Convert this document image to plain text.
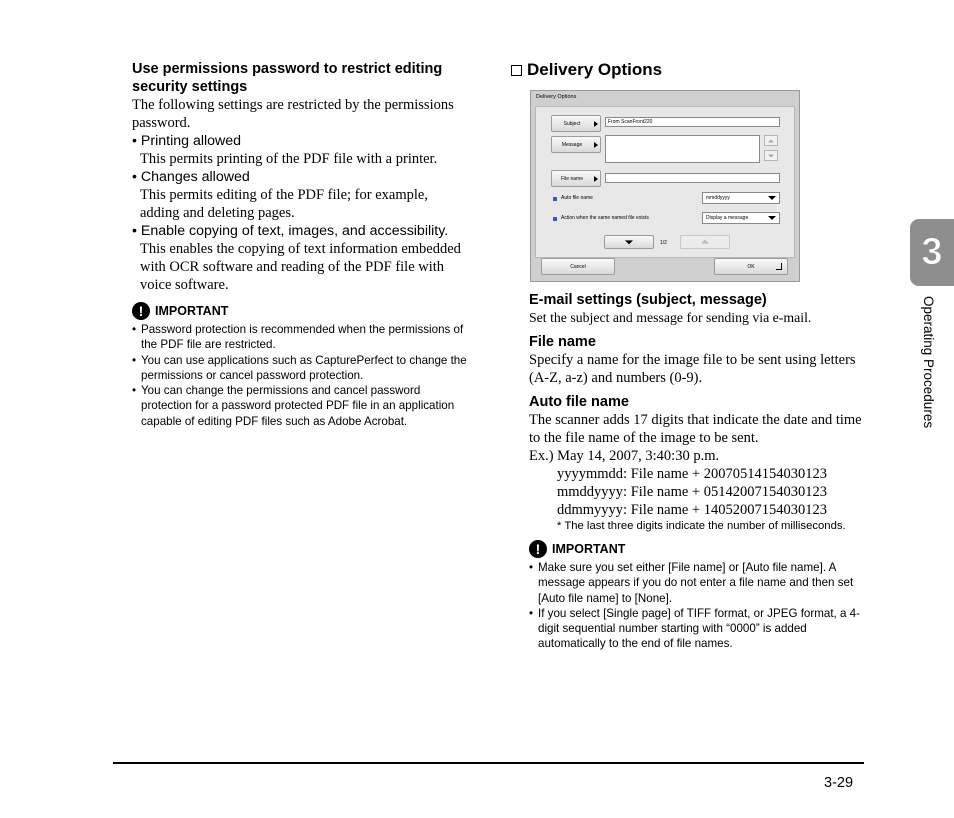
Use permissions password to restrict editing security settings

The following settings are restricted by the permissions password.

• Printing allowed

This permits printing of the PDF file with a printer.

• Changes allowed

This permits editing of the PDF file; for example, adding and deleting pages.

• Enable copying of text, images, and accessibility.

This enables the copying of text information embedded with OCR software and reading of the PDF file with voice software.

! IMPORTANT
• Password protection is recommended when the permissions of the PDF file are restricted.
• You can use applications such as CapturePerfect to change the permissions or cancel password protection.
• You can change the permissions and cancel password protection for a password protected PDF file in an application capable of editing PDF files such as Adobe Acrobat.
Delivery Options
Delivery Options
Subject	From ScanFront220
Message
File name
Auto file name	mmddyyyy
Action when the same named file exists	Display a message
1/2
Cancel	OK

E-mail settings (subject, message)

Set the subject and message for sending via e-mail.

File name

Specify a name for the image file to be sent using letters (A-Z, a-z) and numbers (0-9).

Auto file name

The scanner adds 17 digits that indicate the date and time to the file name of the image to be sent.

Ex.) May 14, 2007, 3:40:30 p.m.

yyyymmdd: File name + 20070514154030123

mmddyyyy: File name + 05142007154030123

ddmmyyyy: File name + 14052007154030123

* The last three digits indicate the number of milliseconds.

! IMPORTANT
• Make sure you set either [File name] or [Auto file name]. A message appears if you do not enter a file name and then set [Auto file name] to [None].
• If you select [Single page] of TIFF format, or JPEG format, a 4-digit sequential number starting with “0000” is added automatically to the end of file names.
3
Operating Procedures
3-29
